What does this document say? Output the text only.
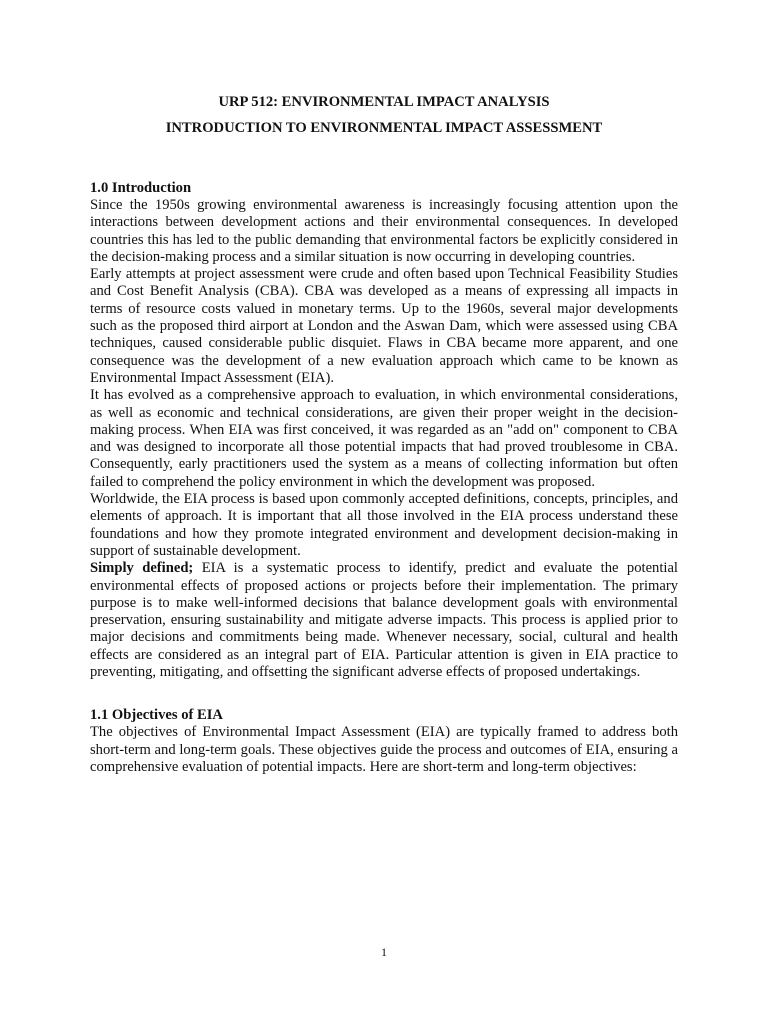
URP 512: ENVIRONMENTAL IMPACT ANALYSIS
INTRODUCTION TO ENVIRONMENTAL IMPACT ASSESSMENT
1.0 Introduction

Since the 1950s growing environmental awareness is increasingly focusing attention upon the interactions between development actions and their environmental consequences. In developed countries this has led to the public demanding that environmental factors be explicitly considered in the decision-making process and a similar situation is now occurring in developing countries.

Early attempts at project assessment were crude and often based upon Technical Feasibility Studies and Cost Benefit Analysis (CBA). CBA was developed as a means of expressing all impacts in terms of resource costs valued in monetary terms. Up to the 1960s, several major developments such as the proposed third airport at London and the Aswan Dam, which were assessed using CBA techniques, caused considerable public disquiet. Flaws in CBA became more apparent, and one consequence was the development of a new evaluation approach which came to be known as Environmental Impact Assessment (EIA).

It has evolved as a comprehensive approach to evaluation, in which environmental considerations, as well as economic and technical considerations, are given their proper weight in the decision-making process. When EIA was first conceived, it was regarded as an "add on" component to CBA and was designed to incorporate all those potential impacts that had proved troublesome in CBA. Consequently, early practitioners used the system as a means of collecting information but often failed to comprehend the policy environment in which the development was proposed.

Worldwide, the EIA process is based upon commonly accepted definitions, concepts, principles, and elements of approach. It is important that all those involved in the EIA process understand these foundations and how they promote integrated environment and development decision-making in support of sustainable development.

Simply defined; EIA is a systematic process to identify, predict and evaluate the potential environmental effects of proposed actions or projects before their implementation. The primary purpose is to make well-informed decisions that balance development goals with environmental preservation, ensuring sustainability and mitigate adverse impacts. This process is applied prior to major decisions and commitments being made. Whenever necessary, social, cultural and health effects are considered as an integral part of EIA. Particular attention is given in EIA practice to preventing, mitigating, and offsetting the significant adverse effects of proposed undertakings.

1.1 Objectives of EIA

The objectives of Environmental Impact Assessment (EIA) are typically framed to address both short-term and long-term goals. These objectives guide the process and outcomes of EIA, ensuring a comprehensive evaluation of potential impacts. Here are short-term and long-term objectives:

1
